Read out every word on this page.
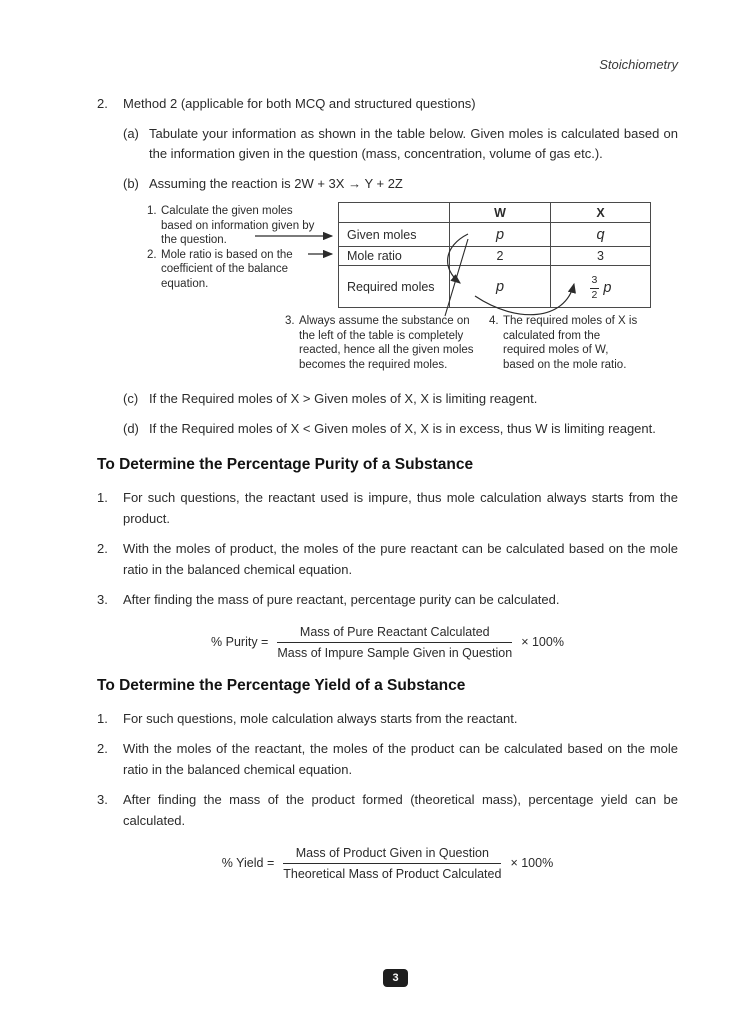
Stoichiometry
2.	Method 2 (applicable for both MCQ and structured questions)
(a) Tabulate your information as shown in the table below. Given moles is calculated based on the information given in the question (mass, concentration, volume of gas etc.).
(b) Assuming the reaction is 2W + 3X → Y + 2Z
1. Calculate the given moles based on information given by the question.
2. Mole ratio is based on the coefficient of the balance equation.
	W	X
Given moles	p	q
Mole ratio	2	3
Required moles	p	$\frac{3}{2}$ p
3. Always assume the substance on the left of the table is completely reacted, hence all the given moles becomes the required moles.
4. The required moles of X is calculated from the required moles of W, based on the mole ratio.
(c) If the Required moles of X > Given moles of X, X is limiting reagent.
(d) If the Required moles of X < Given moles of X, X is in excess, thus W is limiting reagent.
To Determine the Percentage Purity of a Substance
1.	For such questions, the reactant used is impure, thus mole calculation always starts from the product.
2.	With the moles of product, the moles of the pure reactant can be calculated based on the mole ratio in the balanced chemical equation.
3.	After finding the mass of pure reactant, percentage purity can be calculated.
% Purity = $\frac{\text{Mass of Pure Reactant Calculated}}{\text{Mass of Impure Sample Given in Question}} \times 100\%$
To Determine the Percentage Yield of a Substance
1.	For such questions, mole calculation always starts from the reactant.
2.	With the moles of the reactant, the moles of the product can be calculated based on the mole ratio in the balanced chemical equation.
3.	After finding the mass of the product formed (theoretical mass), percentage yield can be calculated.
% Yield = $\frac{\text{Mass of Product Given in Question}}{\text{Theoretical Mass of Product Calculated}} \times 100\%$
3
